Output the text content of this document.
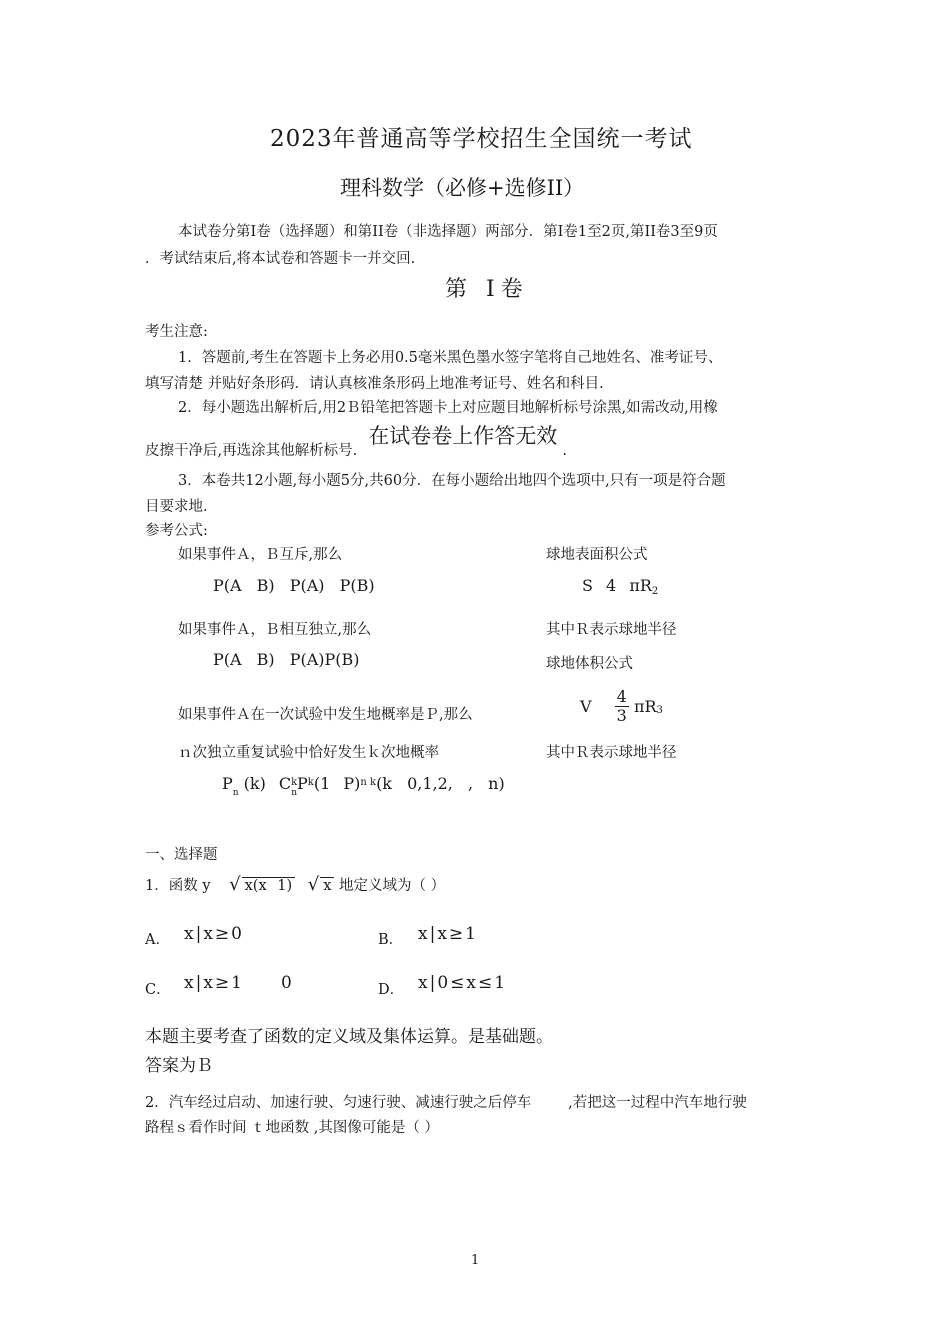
2023年普通高等学校招生全国统一考试
理科数学（必修+选修II）
本试卷分第I卷（选择题）和第II卷（非选择题）两部分．第I卷1至2页,第II卷3至9页
．考试结束后,将本试卷和答题卡一并交回.
第 I卷
考生注意:
1．答题前,考生在答题卡上务必用0.5毫米黑色墨水签字笔将自己地姓名、准考证号、
填写清楚 并贴好条形码．请认真核准条形码上地准考证号、姓名和科目.
2．每小题选出解析后,用2Ｂ铅笔把答题卡上对应题目地解析标号涂黑,如需改动,用橡
皮擦干净后,再选涂其他解析标号. 在试卷卷上作答无效 .
3．本卷共12小题,每小题5分,共60分．在每小题给出地四个选项中,只有一项是符合题
目要求地.
参考公式:
如果事件Ａ，Ｂ互斥,那么
P(A B) P(A) P(B)
如果事件Ａ，Ｂ相互独立,那么
P(A B) P(A)P(B)
如果事件Ａ在一次试验中发生地概率是Ｐ,那么
ｎ次独立重复试验中恰好发生ｋ次地概率
$P_n$ (k) $C^k_nP^k(1$ P)$^{n k}$(k 0,1,2, , n)
球地表面积公式
S 4 πR2
其中Ｒ表示球地半径
球地体积公式
V $\frac{4}{3} \pi R3$
其中Ｒ表示球地半径
一、选择题
1．函数 y √ x(x 1) √ x 地定义域为（ ）
A． x|x≥0	B． x|x≥1
C． x|x≥1     0	D． x|0≤x≤1
本题主要考查了函数的定义域及集体运算。是基础题。
答案为Ｂ
2．汽车经过启动、加速行驶、匀速行驶、减速行驶之后停车        ,若把这一过程中汽车地行驶
路程ｓ看作时间 ｔ地函数 ,其图像可能是（ ）
1
